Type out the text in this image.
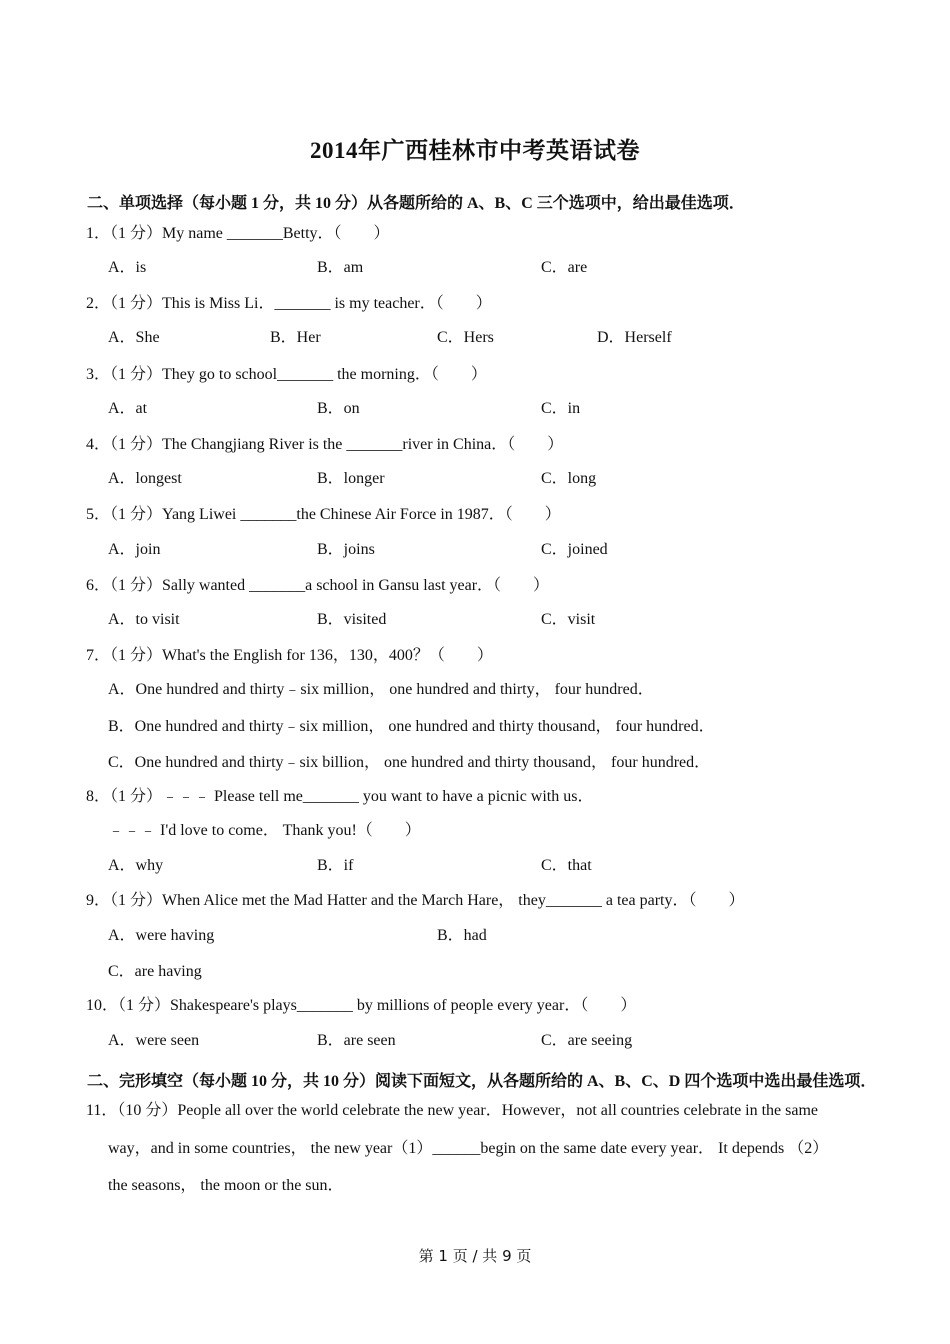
2014年广西桂林市中考英语试卷
二、单项选择（每小题 1 分，共 10 分）从各题所给的 A、B、C 三个选项中，给出最佳选项．
1．（1 分）My name _______Betty．（　　）
A．is	B．am	C．are
2．（1 分）This is Miss Li．_______ is my teacher．（　　）
A．She	B．Her	C．Hers	D．Herself
3．（1 分）They go to school_______ the morning．（　　）
A．at	B．on	C．in
4．（1 分）The Changjiang River is the _______river in China．（　　）
A．longest	B．longer	C．long
5．（1 分）Yang Liwei _______the Chinese Air Force in 1987．（　　）
A．join	B．joins	C．joined
6．（1 分）Sally wanted _______a school in Gansu last year．（　　）
A．to visit	B．visited	C．visit
7．（1 分）What's the English for 136，130，400？（　　）
A．One hundred and thirty﹣six million， one hundred and thirty， four hundred．
B．One hundred and thirty﹣six million， one hundred and thirty thousand， four hundred．
C．One hundred and thirty﹣six billion， one hundred and thirty thousand， four hundred．
8．（1 分）﹣﹣﹣ Please tell me_______ you want to have a picnic with us．
﹣﹣﹣ I'd love to come． Thank you!（　　）
A．why	B．if	C．that
9．（1 分）When Alice met the Mad Hatter and the March Hare， they_______ a tea party．（　　）
A．were having	B．had
C．are having
10．（1 分）Shakespeare's plays_______ by millions of people every year．（　　）
A．were seen	B．are seen	C．are seeing
二、完形填空（每小题 10 分，共 10 分）阅读下面短文，从各题所给的 A、B、C、D 四个选项中选出最佳选项．
11．（10 分）People all over the world celebrate the new year．However，not all countries celebrate in the same
way，and in some countries， the new year（1）______begin on the same date every year． It depends （2）
the seasons， the moon or the sun．
第 1 页 / 共 9 页
